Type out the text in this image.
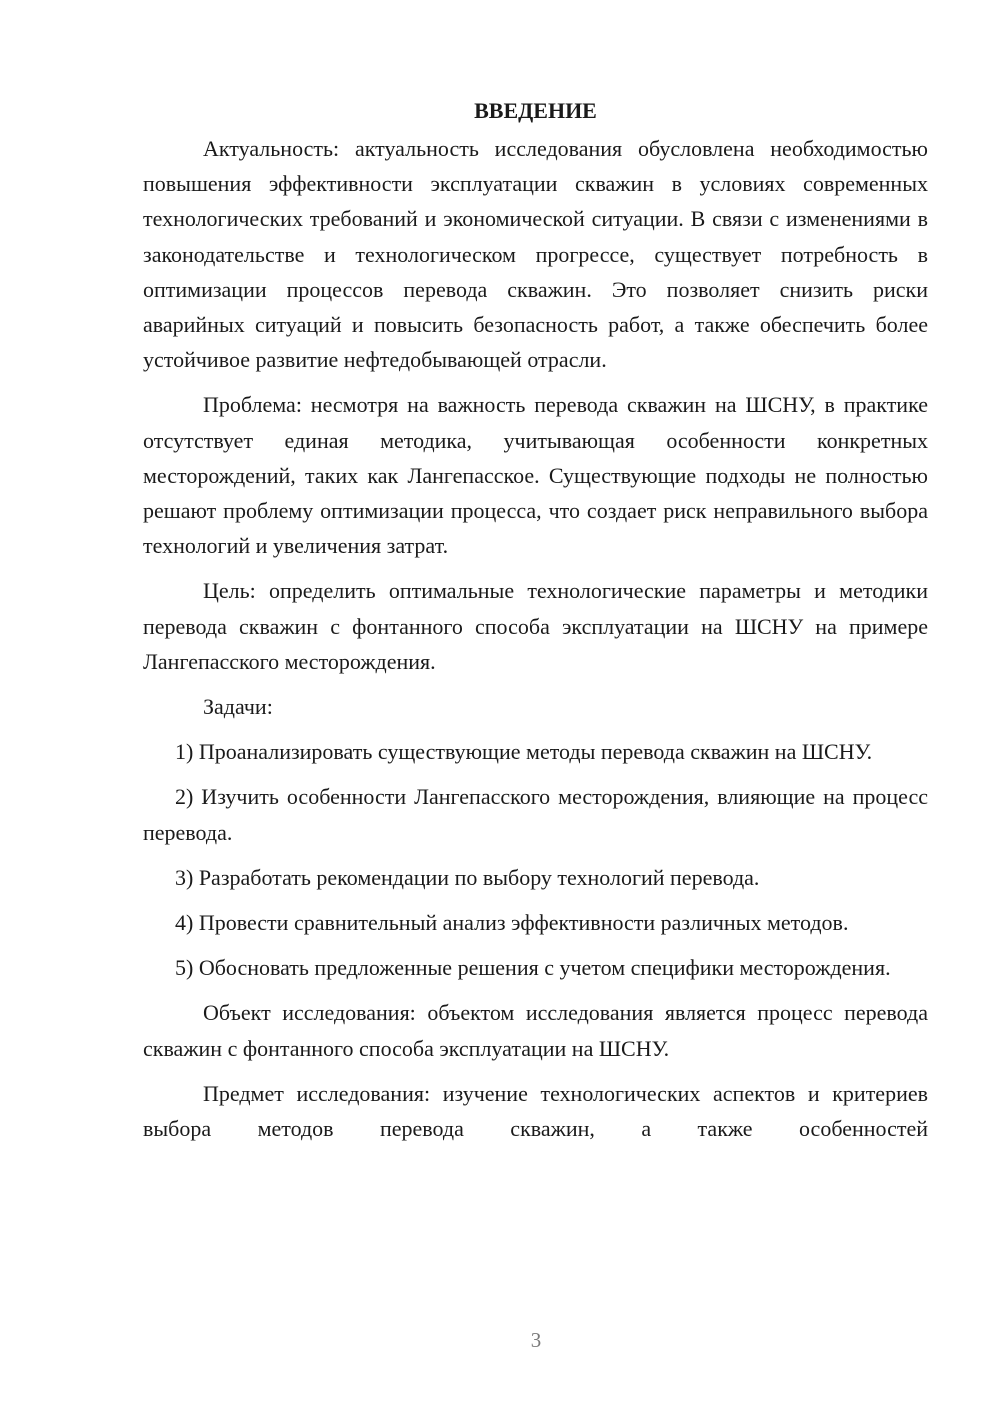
ВВЕДЕНИЕ

Актуальность: актуальность исследования обусловлена необходимостью повышения эффективности эксплуатации скважин в условиях современных технологических требований и экономической ситуации. В связи с изменениями в законодательстве и технологическом прогрессе, существует потребность в оптимизации процессов перевода скважин. Это позволяет снизить риски аварийных ситуаций и повысить безопасность работ, а также обеспечить более устойчивое развитие нефтедобывающей отрасли.

Проблема: несмотря на важность перевода скважин на ШСНУ, в практике отсутствует единая методика, учитывающая особенности конкретных месторождений, таких как Лангепасское. Существующие подходы не полностью решают проблему оптимизации процесса, что создает риск неправильного выбора технологий и увеличения затрат.

Цель: определить оптимальные технологические параметры и методики перевода скважин с фонтанного способа эксплуатации на ШСНУ на примере Лангепасского месторождения.

Задачи:

1) Проанализировать существующие методы перевода скважин на ШСНУ.

2) Изучить особенности Лангепасского месторождения, влияющие на процесс перевода.

3) Разработать рекомендации по выбору технологий перевода.

4) Провести сравнительный анализ эффективности различных методов.

5) Обосновать предложенные решения с учетом специфики месторождения.

Объект исследования: объектом исследования является процесс перевода скважин с фонтанного способа эксплуатации на ШСНУ.

Предмет исследования: изучение технологических аспектов и критериев выбора методов перевода скважин, а также особенностей

3
